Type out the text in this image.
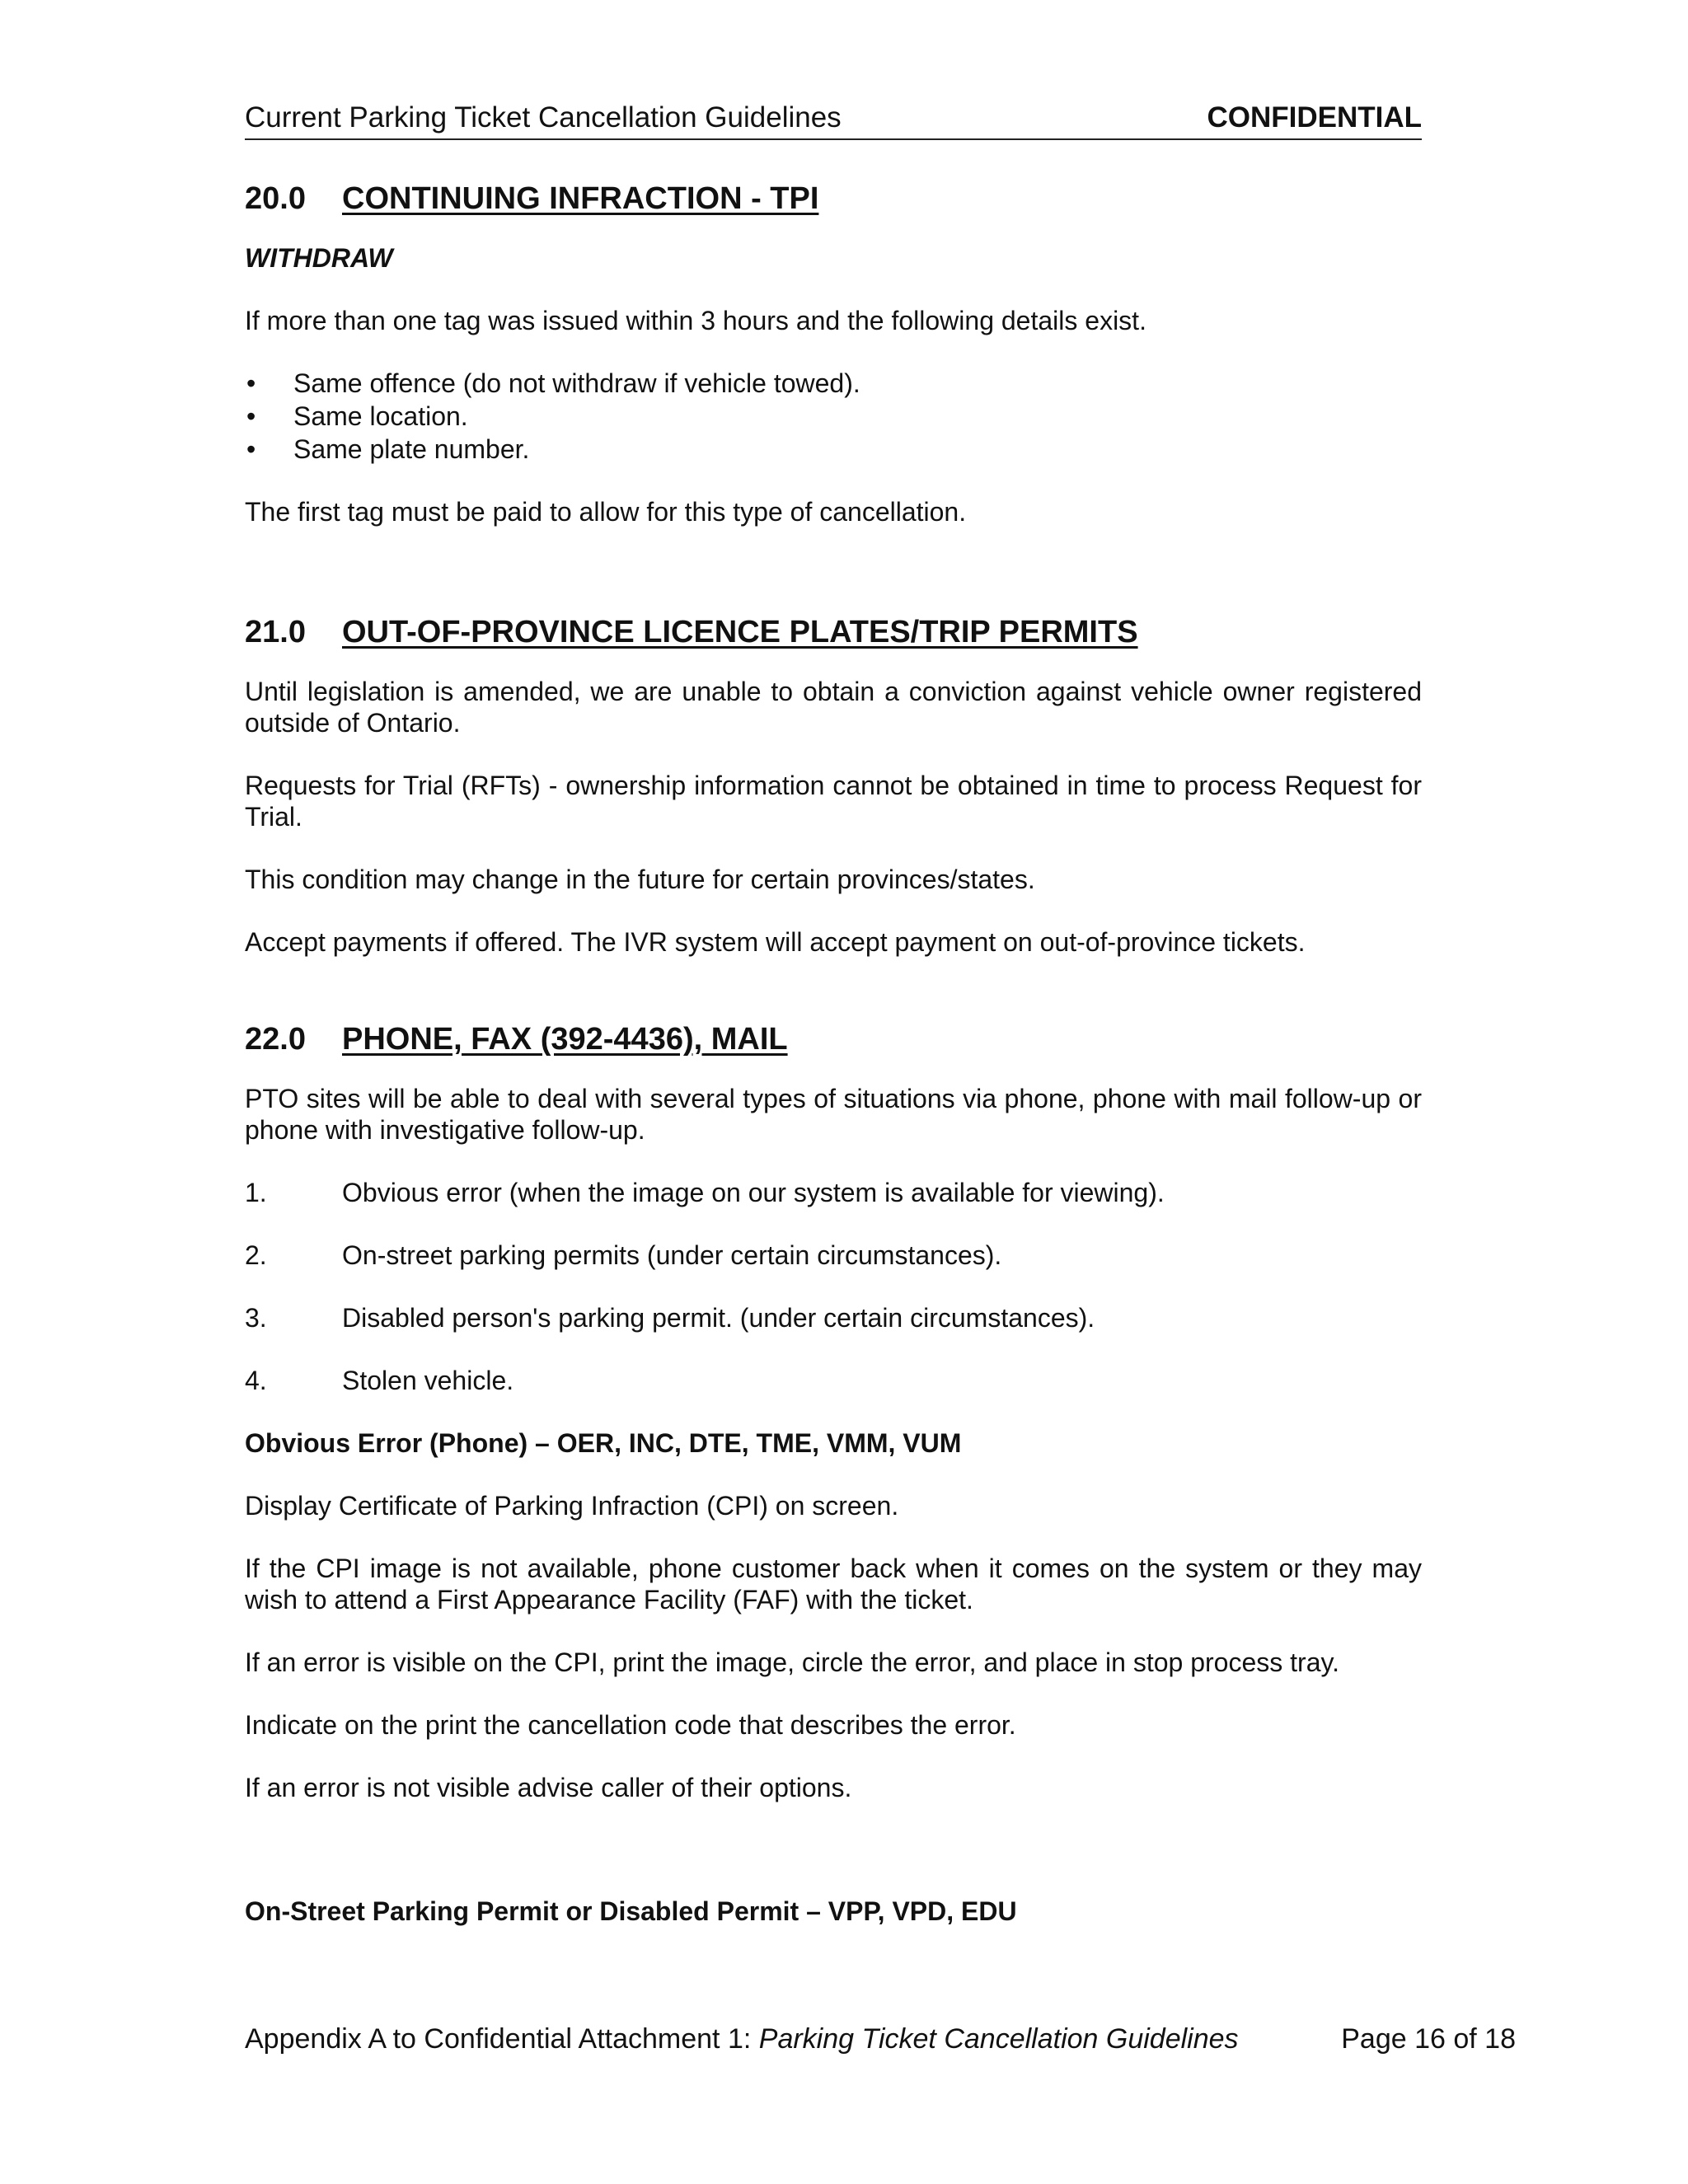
Current Parking Ticket Cancellation Guidelines	CONFIDENTIAL
20.0 CONTINUING INFRACTION - TPI
WITHDRAW

If more than one tag was issued within 3 hours and the following details exist.

• Same offence (do not withdraw if vehicle towed).
• Same location.
• Same plate number.

The first tag must be paid to allow for this type of cancellation.

21.0 OUT-OF-PROVINCE LICENCE PLATES/TRIP PERMITS

Until legislation is amended, we are unable to obtain a conviction against vehicle owner registered outside of Ontario.

Requests for Trial (RFTs) - ownership information cannot be obtained in time to process Request for Trial.

This condition may change in the future for certain provinces/states.

Accept payments if offered. The IVR system will accept payment on out-of-province tickets.

22.0 PHONE, FAX (392-4436), MAIL

PTO sites will be able to deal with several types of situations via phone, phone with mail follow-up or phone with investigative follow-up.

1.	Obvious error (when the image on our system is available for viewing).
2.	On-street parking permits (under certain circumstances).
3.	Disabled person's parking permit. (under certain circumstances).
4.	Stolen vehicle.
Obvious Error (Phone) – OER, INC, DTE, TME, VMM, VUM

Display Certificate of Parking Infraction (CPI) on screen.

If the CPI image is not available, phone customer back when it comes on the system or they may wish to attend a First Appearance Facility (FAF) with the ticket.

If an error is visible on the CPI, print the image, circle the error, and place in stop process tray.

Indicate on the print the cancellation code that describes the error.

If an error is not visible advise caller of their options.

On-Street Parking Permit or Disabled Permit – VPP, VPD, EDU
Appendix A to Confidential Attachment 1: Parking Ticket Cancellation Guidelines	Page 16 of 18
